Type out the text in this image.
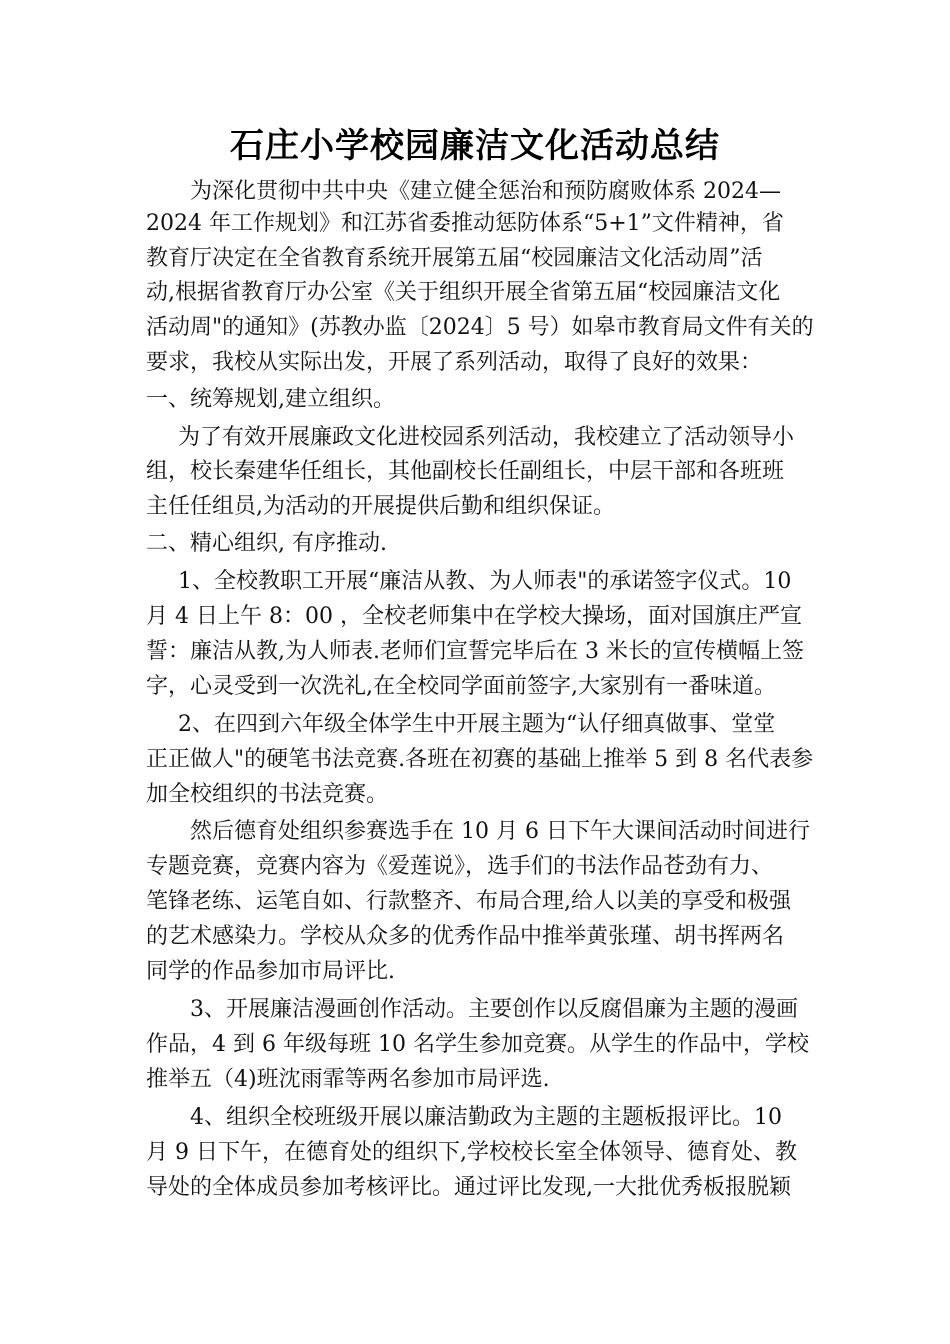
石庄小学校园廉洁文化活动总结
为深化贯彻中共中央《建立健全惩治和预防腐败体系 2024—
2024 年工作规划》和江苏省委推动惩防体系“5+1”文件精神，省
教育厅决定在全省教育系统开展第五届“校园廉洁文化活动周”活
动,根据省教育厅办公室《关于组织开展全省第五届“校园廉洁文化
活动周"的通知》(苏教办监〔2024〕5 号）如皋市教育局文件有关的
要求，我校从实际出发，开展了系列活动，取得了良好的效果：
一、统筹规划,建立组织。
为了有效开展廉政文化进校园系列活动，我校建立了活动领导小
组，校长秦建华任组长，其他副校长任副组长，中层干部和各班班
主任任组员,为活动的开展提供后勤和组织保证。
二、精心组织, 有序推动.
1、全校教职工开展“廉洁从教、为人师表"的承诺签字仪式。10
月 4 日上午 8：00 ，全校老师集中在学校大操场，面对国旗庄严宣
誓：廉洁从教,为人师表.老师们宣誓完毕后在 3 米长的宣传横幅上签
字，心灵受到一次洗礼,在全校同学面前签字,大家别有一番味道。
2、在四到六年级全体学生中开展主题为“认仔细真做事、堂堂
正正做人"的硬笔书法竞赛.各班在初赛的基础上推举 5 到 8 名代表参
加全校组织的书法竞赛。
然后德育处组织参赛选手在 10 月 6 日下午大课间活动时间进行
专题竞赛，竞赛内容为《爱莲说》，选手们的书法作品苍劲有力、
笔锋老练、运笔自如、行款整齐、布局合理,给人以美的享受和极强
的艺术感染力。学校从众多的优秀作品中推举黄张瑾、胡书挥两名
同学的作品参加市局评比.
3、开展廉洁漫画创作活动。主要创作以反腐倡廉为主题的漫画
作品，4 到 6 年级每班 10 名学生参加竞赛。从学生的作品中，学校
推举五（4)班沈雨霏等两名参加市局评选.
4、组织全校班级开展以廉洁勤政为主题的主题板报评比。10
月 9 日下午，在德育处的组织下,学校校长室全体领导、德育处、教
导处的全体成员参加考核评比。通过评比发现,一大批优秀板报脱颖
